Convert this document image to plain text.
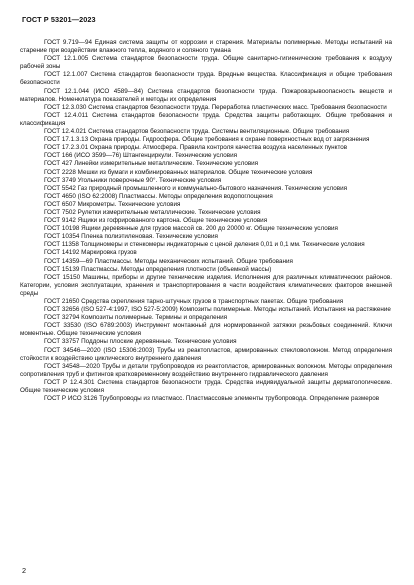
ГОСТ Р 53201—2023

ГОСТ 9.719—94 Единая система защиты от коррозии и старения. Материалы полимерные. Методы испытаний на старение при воздействии влажного тепла, водяного и соляного тумана

ГОСТ 12.1.005 Система стандартов безопасности труда. Общие санитарно-гигиенические требования к воздуху рабочей зоны

ГОСТ 12.1.007 Система стандартов безопасности труда. Вредные вещества. Классификация и общие требования безопасности

ГОСТ 12.1.044 (ИСО 4589—84) Система стандартов безопасности труда. Пожаровзрывоопасность веществ и материалов. Номенклатура показателей и методы их определения

ГОСТ 12.3.030 Система стандартов безопасности труда. Переработка пластических масс. Требования безопасности

ГОСТ 12.4.011 Система стандартов безопасности труда. Средства защиты работающих. Общие требования и классификация

ГОСТ 12.4.021 Система стандартов безопасности труда. Системы вентиляционные. Общие требования

ГОСТ 17.1.3.13 Охрана природы. Гидросфера. Общие требования к охране поверхностных вод от загрязнения

ГОСТ 17.2.3.01 Охрана природы. Атмосфера. Правила контроля качества воздуха населенных пунктов

ГОСТ 166 (ИСО 3599—76) Штангенциркули. Технические условия

ГОСТ 427 Линейки измерительные металлические. Технические условия

ГОСТ 2228 Мешки из бумаги и комбинированных материалов. Общие технические условия

ГОСТ 3749 Угольники поверочные 90°. Технические условия

ГОСТ 5542 Газ природный промышленного и коммунально-бытового назначения. Технические условия

ГОСТ 4650 (ISO 62:2008) Пластмассы. Методы определения водопоглощения

ГОСТ 6507 Микрометры. Технические условия

ГОСТ 7502 Рулетки измерительные металлические. Технические условия

ГОСТ 9142 Ящики из гофрированного картона. Общие технические условия

ГОСТ 10198 Ящики деревянные для грузов массой св. 200 до 20000 кг. Общие технические условия

ГОСТ 10354 Пленка полиэтиленовая. Технические условия

ГОСТ 11358 Толщиномеры и стенкомеры индикаторные с ценой деления 0,01 и 0,1 мм. Технические условия

ГОСТ 14192 Маркировка грузов

ГОСТ 14359—69 Пластмассы. Методы механических испытаний. Общие требования

ГОСТ 15139 Пластмассы. Методы определения плотности (объемной массы)

ГОСТ 15150 Машины, приборы и другие технические изделия. Исполнения для различных климатических районов. Категории, условия эксплуатации, хранения и транспортирования в части воздействия климатических факторов внешней среды

ГОСТ 21650 Средства скрепления тарно-штучных грузов в транспортных пакетах. Общие требования

ГОСТ 32656 (ISO 527-4:1997, ISO 527-5:2009) Композиты полимерные. Методы испытаний. Испытания на растяжение

ГОСТ 32794 Композиты полимерные. Термины и определения

ГОСТ 33530 (ISO 6789:2003) Инструмент монтажный для нормированной затяжки резьбовых соединений. Ключи моментные. Общие технические условия

ГОСТ 33757 Поддоны плоские деревянные. Технические условия

ГОСТ 34546—2020 (ISO 15306:2003) Трубы из реактопластов, армированных стекловолокном. Метод определения стойкости к воздействию циклического внутреннего давления

ГОСТ 34548—2020 Трубы и детали трубопроводов из реактопластов, армированных волокном. Методы определения сопротивления труб и фитингов кратковременному воздействию внутреннего гидравлического давления

ГОСТ Р 12.4.301 Система стандартов безопасности труда. Средства индивидуальной защиты дерматологические. Общие технические условия

ГОСТ Р ИСО 3126 Трубопроводы из пластмасс. Пластмассовые элементы трубопровода. Определение размеров

2
